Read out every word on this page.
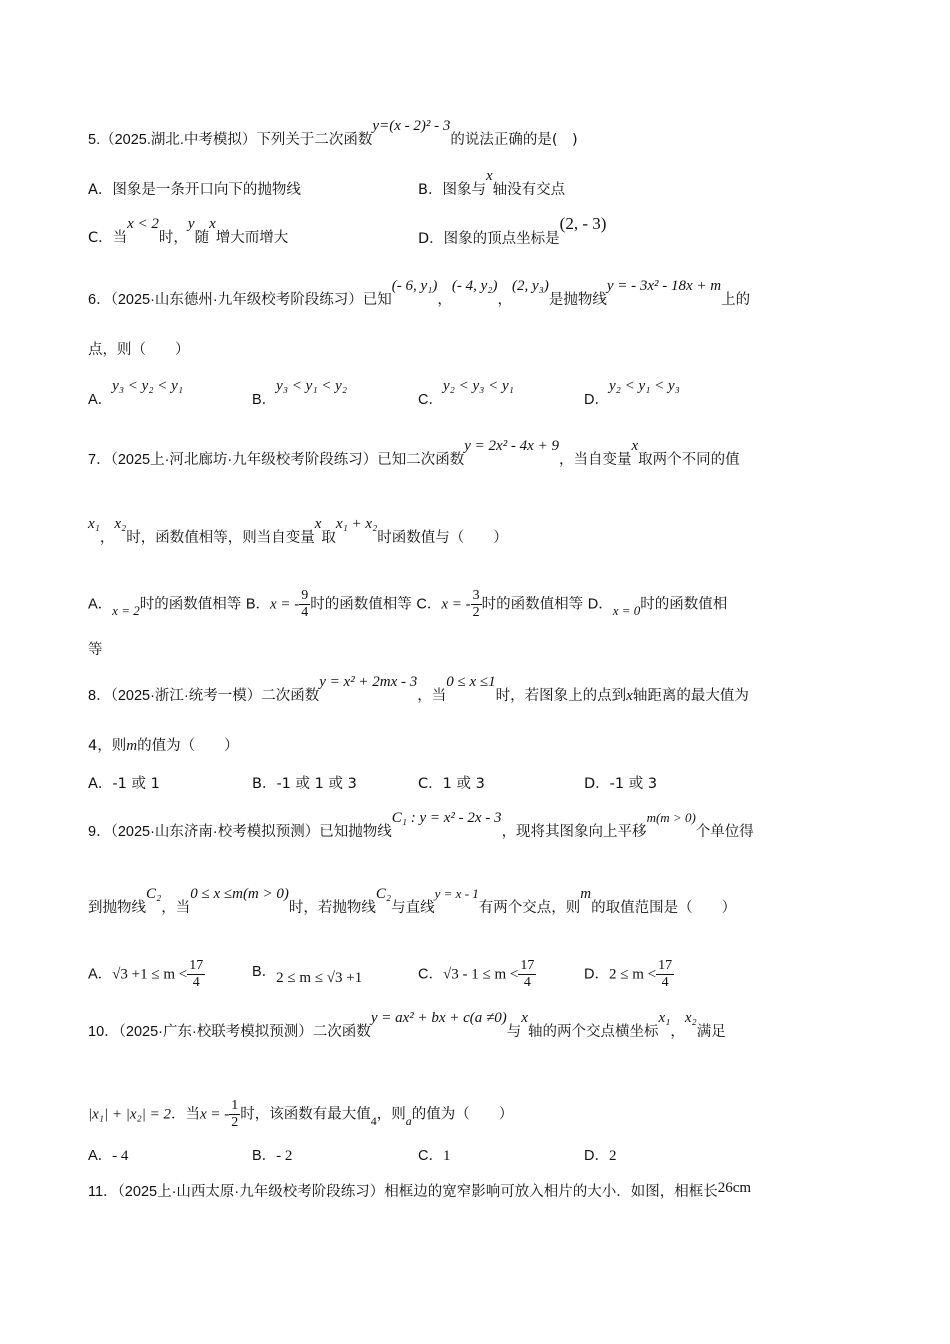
5.（2025.湖北.中考模拟）下列关于二次函数y=(x - 2)² - 3的说法正确的是(　)
A．图象是一条开口向下的抛物线	B．图象与x轴没有交点
C．当x < 2时，y随x增大而增大	D．图象的顶点坐标是(2, - 3)
6．（2025·山东德州·九年级校考阶段练习）已知(- 6, y₁)，(- 4, y₂)，(2, y₃)是抛物线y = - 3x² - 18x + m上的
点，则（　　）
A．y₃ < y₂ < y₁
B．y₃ < y₁ < y₂
C．y₂ < y₃ < y₁
D．y₂ < y₁ < y₃
7．（2025上·河北廊坊·九年级校考阶段练习）已知二次函数y = 2x² - 4x + 9，当自变量x取两个不同的值
x₁，x₂时，函数值相等，则当自变量x取x₁ + x₂时函数值与（　　）
A．x = 2时的函数值相等 B．x = - $\frac{9}{4}$ 时的函数值相等 C．x = - $\frac{3}{2}$ 时的函数值相等 D．x = 0时的函数值相
等
8．（2025·浙江·统考一模）二次函数y = x² + 2mx - 3，当0 ≤ x ≤1时，若图象上的点到x轴距离的最大值为
4，则m的值为（　　）
A．-1 或 1	B．-1 或 1 或 3	C．1 或 3	D．-1 或 3
9．（2025·山东济南·校考模拟预测）已知抛物线C₁ : y = x² - 2x - 3，现将其图象向上平移m(m > 0)个单位得
到抛物线C₂，当0 ≤ x ≤m(m > 0)时，若抛物线C₂与直线y = x - 1有两个交点，则m的取值范围是（　　）
A．$√3 +1 \le m < \frac{17}{4}$	B．2 ≤ m ≤ √3 +1	C．$√3 - 1 \le m < \frac{17}{4}$	D．$2 \le m < \frac{17}{4}$
10．（2025·广东·校联考模拟预测）二次函数y = ax² + bx + c(a ≠0)与x轴的两个交点横坐标x₁，x₂满足
|x₁| + |x₂| = 2．当x = - $\frac{1}{2}$ 时，该函数有最大值$_4$，则$_a$的值为（　　）
A．- 4	B．- 2	C．1	D．2
11．（2025上·山西太原·九年级校考阶段练习）相框边的宽窄影响可放入相片的大小．如图，相框长26cm
